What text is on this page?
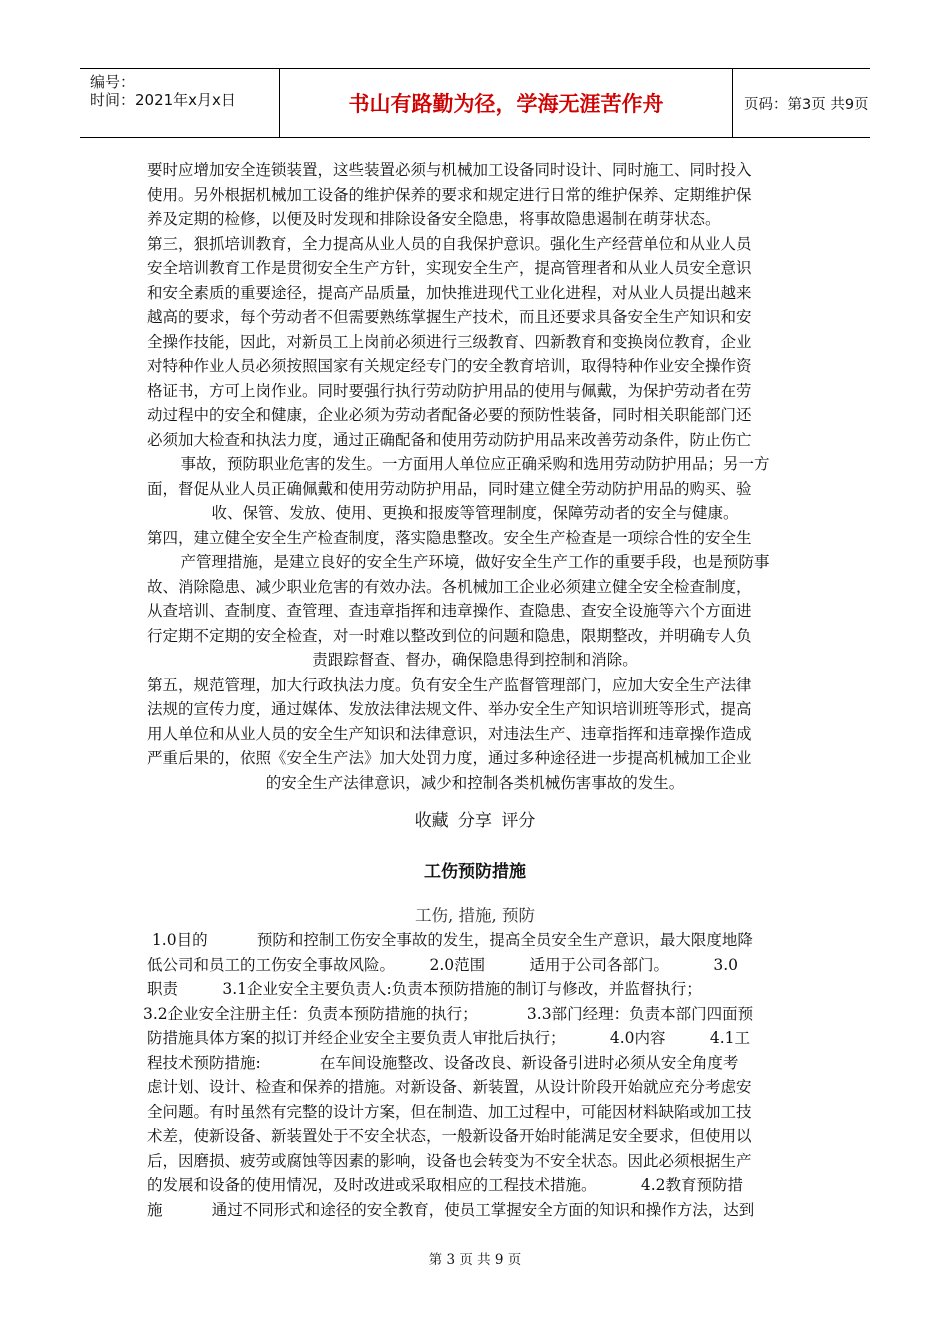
编号：
时间：2021年x月x日	书山有路勤为径，学海无涯苦作舟	页码：第3页 共9页

要时应增加安全连锁装置，这些装置必须与机械加工设备同时设计、同时施工、同时投入

使用。另外根据机械加工设备的维护保养的要求和规定进行日常的维护保养、定期维护保

养及定期的检修，以便及时发现和排除设备安全隐患，将事故隐患遏制在萌芽状态。

第三，狠抓培训教育，全力提高从业人员的自我保护意识。强化生产经营单位和从业人员

安全培训教育工作是贯彻安全生产方针，实现安全生产，提高管理者和从业人员安全意识

和安全素质的重要途径，提高产品质量，加快推进现代工业化进程，对从业人员提出越来

越高的要求，每个劳动者不但需要熟练掌握生产技术，而且还要求具备安全生产知识和安

全操作技能，因此，对新员工上岗前必须进行三级教育、四新教育和变换岗位教育，企业

对特种作业人员必须按照国家有关规定经专门的安全教育培训，取得特种作业安全操作资

格证书，方可上岗作业。同时要强行执行劳动防护用品的使用与佩戴，为保护劳动者在劳

动过程中的安全和健康，企业必须为劳动者配备必要的预防性装备，同时相关职能部门还

必须加大检查和执法力度，通过正确配备和使用劳动防护用品来改善劳动条件，防止伤亡

事故，预防职业危害的发生。一方面用人单位应正确采购和选用劳动防护用品；另一方

面，督促从业人员正确佩戴和使用劳动防护用品，同时建立健全劳动防护用品的购买、验

收、保管、发放、使用、更换和报废等管理制度，保障劳动者的安全与健康。

第四，建立健全安全生产检查制度，落实隐患整改。安全生产检查是一项综合性的安全生

产管理措施，是建立良好的安全生产环境，做好安全生产工作的重要手段，也是预防事

故、消除隐患、减少职业危害的有效办法。各机械加工企业必须建立健全安全检查制度，

从查培训、查制度、查管理、查违章指挥和违章操作、查隐患、查安全设施等六个方面进

行定期不定期的安全检查，对一时难以整改到位的问题和隐患，限期整改，并明确专人负

责跟踪督查、督办，确保隐患得到控制和消除。

第五，规范管理，加大行政执法力度。负有安全生产监督管理部门，应加大安全生产法律

法规的宣传力度，通过媒体、发放法律法规文件、举办安全生产知识培训班等形式，提高

用人单位和从业人员的安全生产知识和法律意识，对违法生产、违章指挥和违章操作造成

严重后果的，依照《安全生产法》加大处罚力度，通过多种途径进一步提高机械加工企业

的安全生产法律意识，减少和控制各类机械伤害事故的发生。

收藏 分享 评分
工伤预防措施
工伤, 措施, 预防

1.0目的          预防和控制工伤安全事故的发生，提高全员安全生产意识，最大限度地降

低公司和员工的工伤安全事故风险。       2.0范围         适用于公司各部门。         3.0

职责         3.1企业安全主要负责人:负责本预防措施的制订与修改，并监督执行；

3.2企业安全注册主任：负责本预防措施的执行；          3.3部门经理：负责本部门四面预

防措施具体方案的拟订并经企业安全主要负责人审批后执行；         4.0内容         4.1工

程技术预防措施:            在车间设施整改、设备改良、新设备引进时必须从安全角度考

虑计划、设计、检查和保养的措施。对新设备、新装置，从设计阶段开始就应充分考虑安

全问题。有时虽然有完整的设计方案，但在制造、加工过程中，可能因材料缺陷或加工技

术差，使新设备、新装置处于不安全状态，一般新设备开始时能满足安全要求，但使用以

后，因磨损、疲劳或腐蚀等因素的影响，设备也会转变为不安全状态。因此必须根据生产

的发展和设备的使用情况，及时改进或采取相应的工程技术措施。         4.2教育预防措

施          通过不同形式和途径的安全教育，使员工掌握安全方面的知识和操作方法，达到

第 3 页 共 9 页
